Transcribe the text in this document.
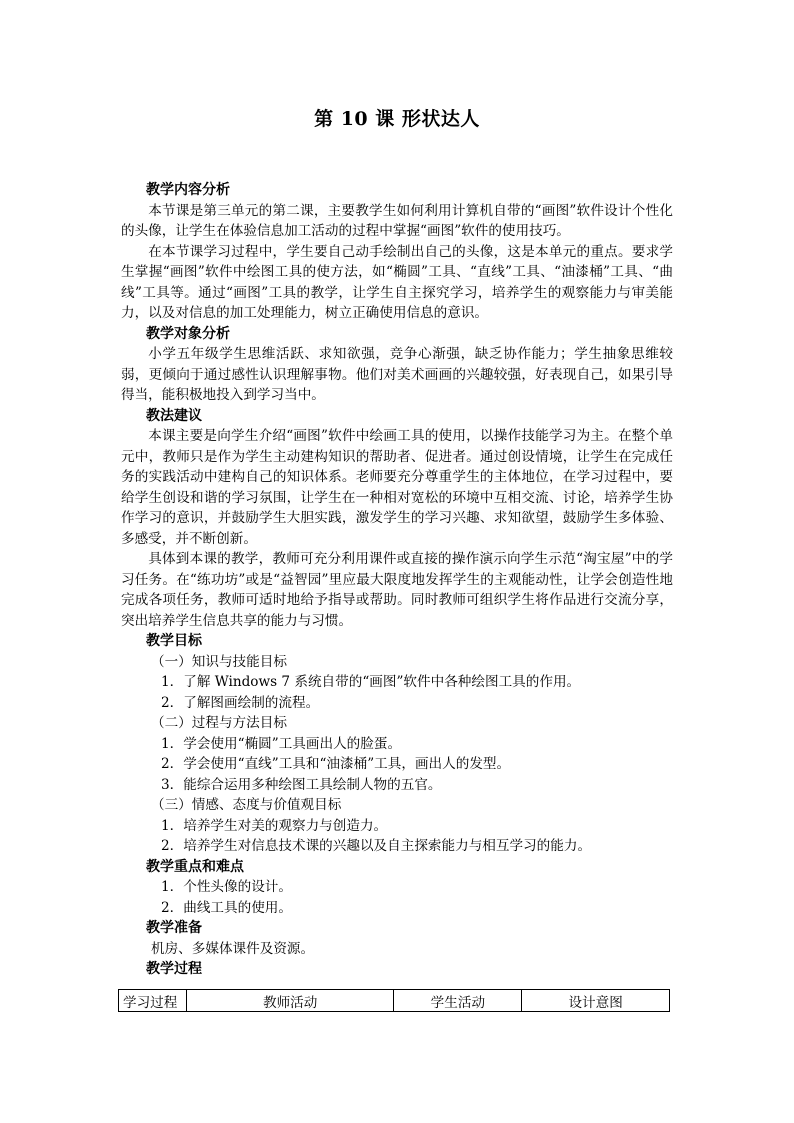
第 10 课 形状达人

教学内容分析

本节课是第三单元的第二课，主要教学生如何利用计算机自带的“画图”软件设计个性化的头像，让学生在体验信息加工活动的过程中掌握“画图”软件的使用技巧。

在本节课学习过程中，学生要自己动手绘制出自己的头像，这是本单元的重点。要求学生掌握“画图”软件中绘图工具的使方法，如“椭圆”工具、“直线”工具、“油漆桶”工具、“曲线”工具等。通过“画图”工具的教学，让学生自主探究学习，培养学生的观察能力与审美能力，以及对信息的加工处理能力，树立正确使用信息的意识。

教学对象分析

小学五年级学生思维活跃、求知欲强，竞争心渐强，缺乏协作能力；学生抽象思维较弱，更倾向于通过感性认识理解事物。他们对美术画画的兴趣较强，好表现自己，如果引导得当，能积极地投入到学习当中。

教法建议

本课主要是向学生介绍“画图”软件中绘画工具的使用，以操作技能学习为主。在整个单元中，教师只是作为学生主动建构知识的帮助者、促进者。通过创设情境，让学生在完成任务的实践活动中建构自己的知识体系。老师要充分尊重学生的主体地位，在学习过程中，要给学生创设和谐的学习氛围，让学生在一种相对宽松的环境中互相交流、讨论，培养学生协作学习的意识，并鼓励学生大胆实践，激发学生的学习兴趣、求知欲望，鼓励学生多体验、多感受，并不断创新。

具体到本课的教学，教师可充分利用课件或直接的操作演示向学生示范“淘宝屋”中的学习任务。在“练功坊”或是“益智园”里应最大限度地发挥学生的主观能动性，让学会创造性地完成各项任务，教师可适时地给予指导或帮助。同时教师可组织学生将作品进行交流分享，突出培养学生信息共享的能力与习惯。

教学目标

（一）知识与技能目标

1．了解 Windows 7 系统自带的“画图”软件中各种绘图工具的作用。

2．了解图画绘制的流程。

（二）过程与方法目标

1．学会使用“椭圆”工具画出人的脸蛋。

2．学会使用“直线”工具和“油漆桶”工具，画出人的发型。

3．能综合运用多种绘图工具绘制人物的五官。

（三）情感、态度与价值观目标

1．培养学生对美的观察力与创造力。

2．培养学生对信息技术课的兴趣以及自主探索能力与相互学习的能力。

教学重点和难点

1．个性头像的设计。

2．曲线工具的使用。

教学准备

机房、多媒体课件及资源。

教学过程

学习过程	教师活动	学生活动	设计意图
